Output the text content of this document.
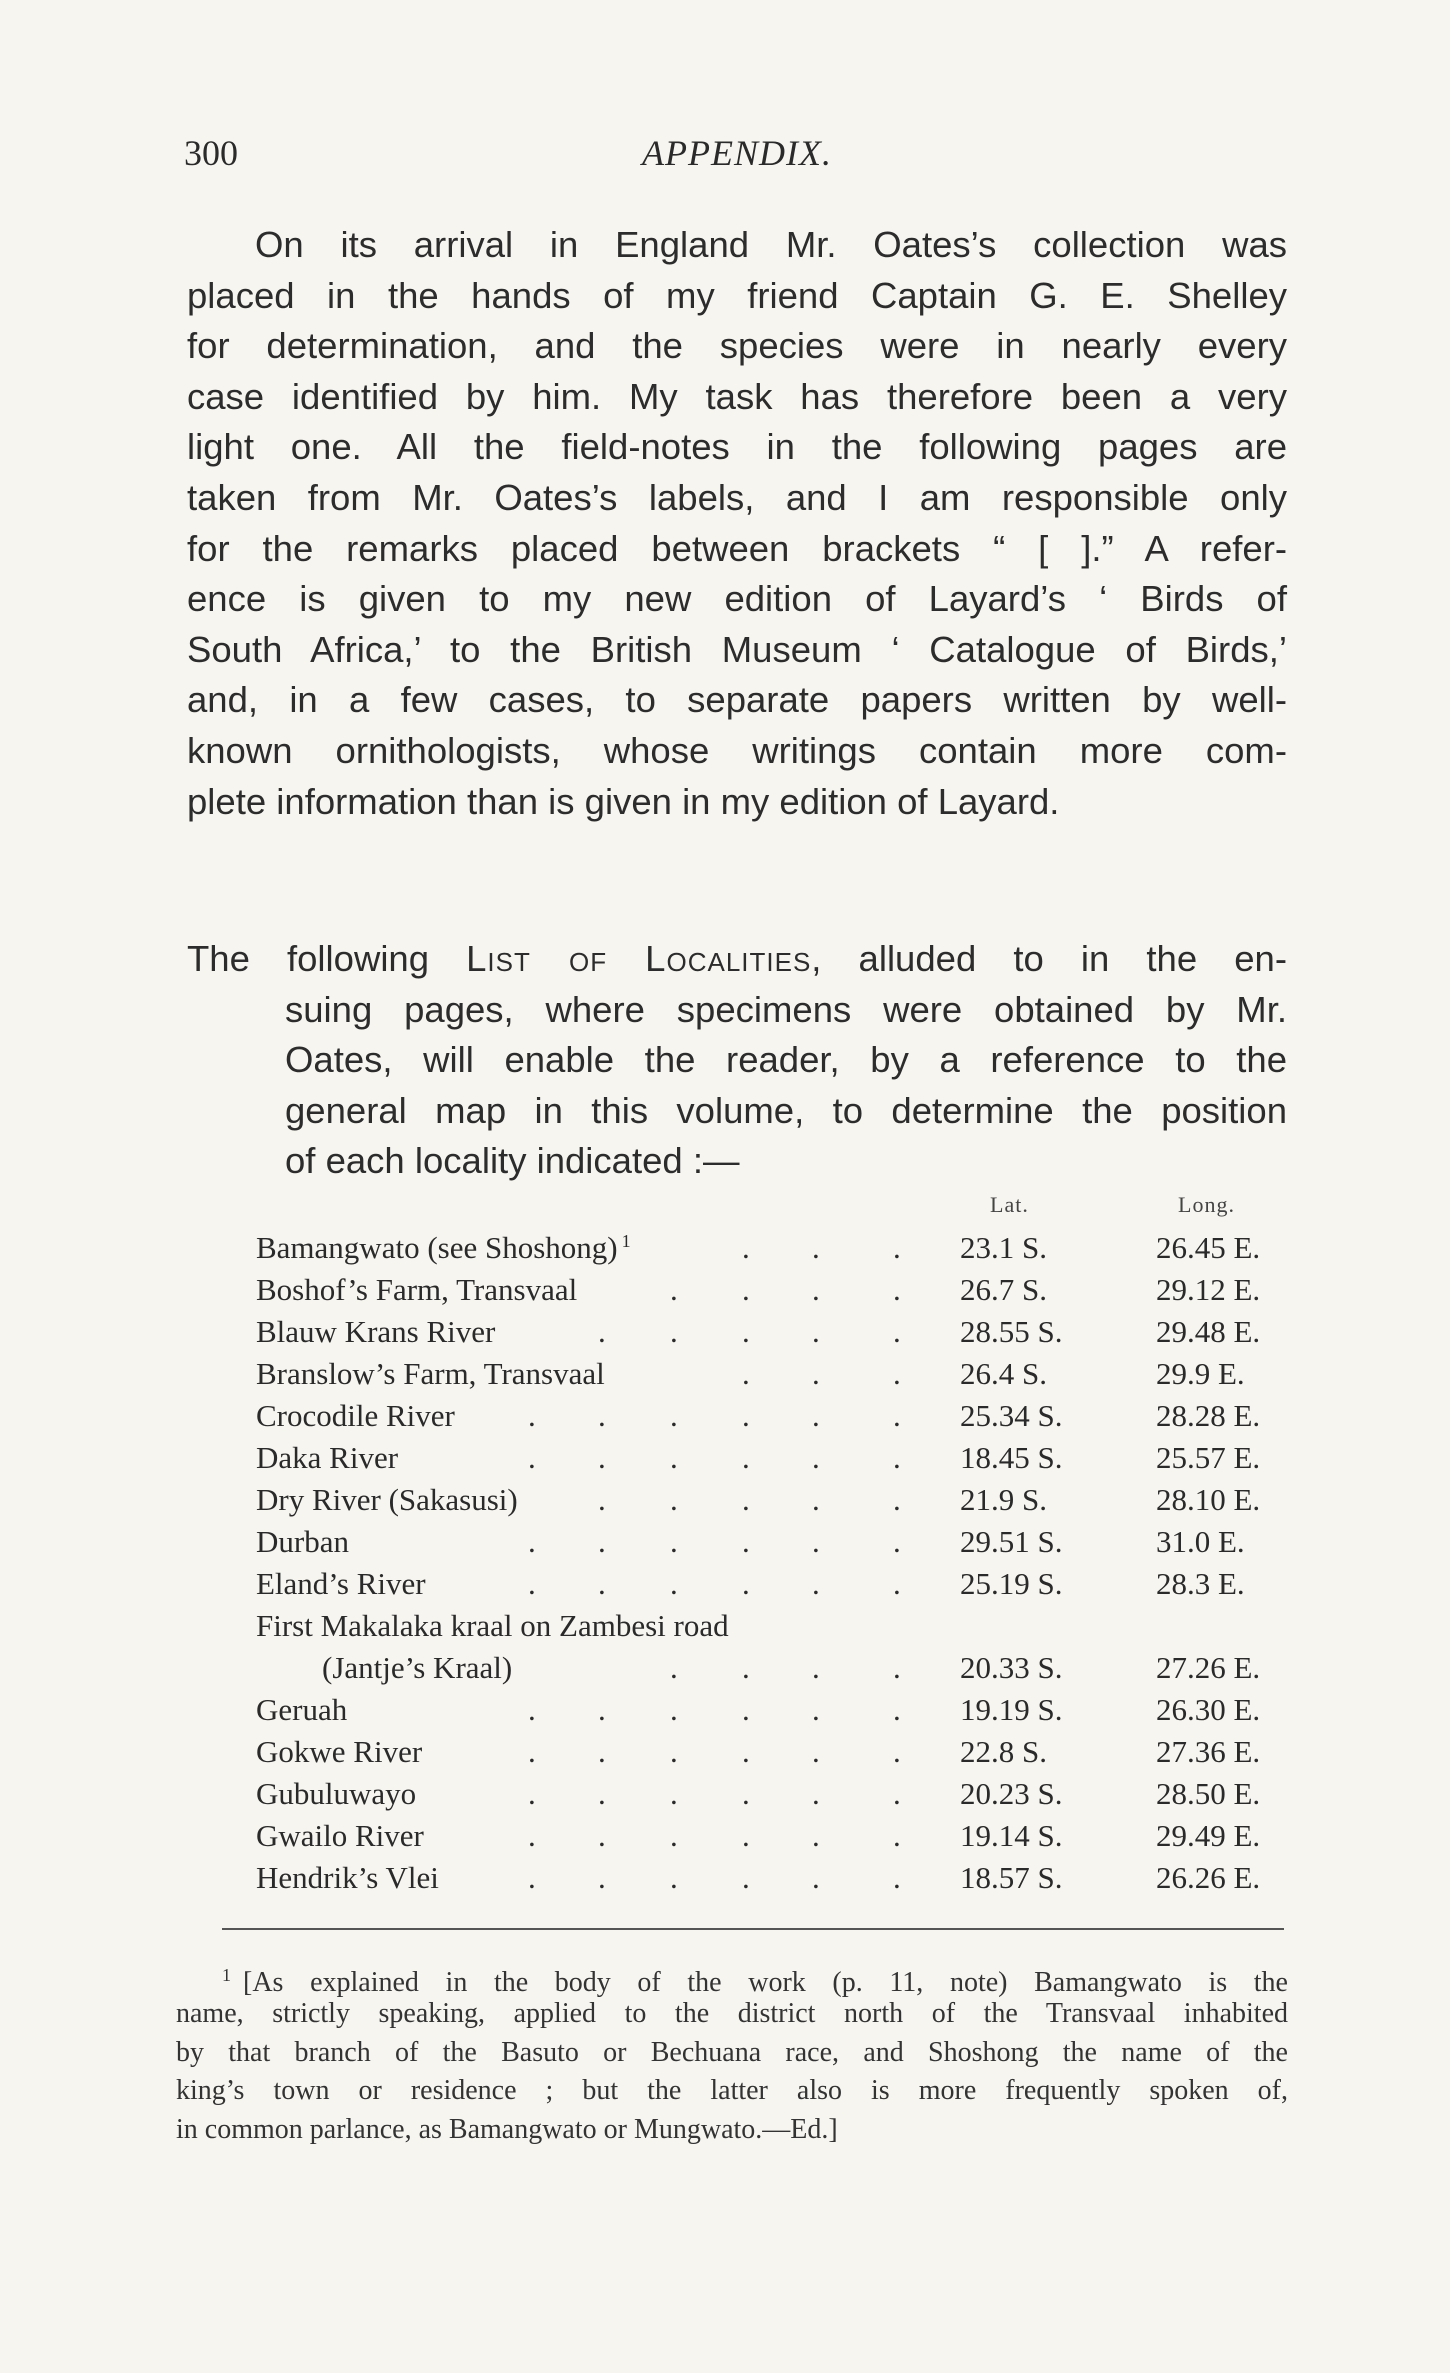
300	APPENDIX.
On its arrival in England Mr. Oates’s collection was
placed in the hands of my friend Captain G. E. Shelley
for determination, and the species were in nearly every
case identified by him. My task has therefore been a very
light one. All the field-notes in the following pages are
taken from Mr. Oates’s labels, and I am responsible only
for the remarks placed between brackets “ [ ].” A refer-
ence is given to my new edition of Layard’s ‘ Birds of
South Africa,’ to the British Museum ‘ Catalogue of Birds,’
and, in a few cases, to separate papers written by well-
known ornithologists, whose writings contain more com-
plete information than is given in my edition of Layard.
The following List of Localities, alluded to in the en-
suing pages, where specimens were obtained by Mr.
Oates, will enable the reader, by a reference to the
general map in this volume, to determine the position
of each locality indicated :—
Lat.	Long.
Bamangwato (see Shoshong) $^1$	. . . 23.1 S.	26.45 E.
Boshof’s Farm, Transvaal	. . . . 26.7 S.	29.12 E.
Blauw Krans River	. . . . . 28.55 S.	29.48 E.
Branslow’s Farm, Transvaal	. . . 26.4 S.	29.9 E.
Crocodile River . . . . . . 25.34 S.	28.28 E.
Daka River	. . . . . . 18.45 S.	25.57 E.
Dry River (Sakasusi)	. . . . . 21.9 S.	28.10 E.
Durban	. . . . . . 29.51 S.	31.0 E.
Eland’s River	. . . . . . 25.19 S.	28.3 E.
First Makalaka kraal on Zambesi road
(Jantje’s Kraal)	. . . . 20.33 S.	27.26 E.
Geruah	. . . . . . 19.19 S.	26.30 E.
Gokwe River	. . . . . . 22.8 S.	27.36 E.
Gubuluwayo	. . . . . . 20.23 S.	28.50 E.
Gwailo River	. . . . . . 19.14 S.	29.49 E.
Hendrik’s Vlei	. . . . . . 18.57 S.	26.26 E.
$^1$ [As explained in the body of the work (p. 11, note) Bamangwato is the
name, strictly speaking, applied to the district north of the Transvaal inhabited
by that branch of the Basuto or Bechuana race, and Shoshong the name of the
king’s town or residence ; but the latter also is more frequently spoken of,
in common parlance, as Bamangwato or Mungwato.—Ed.]
